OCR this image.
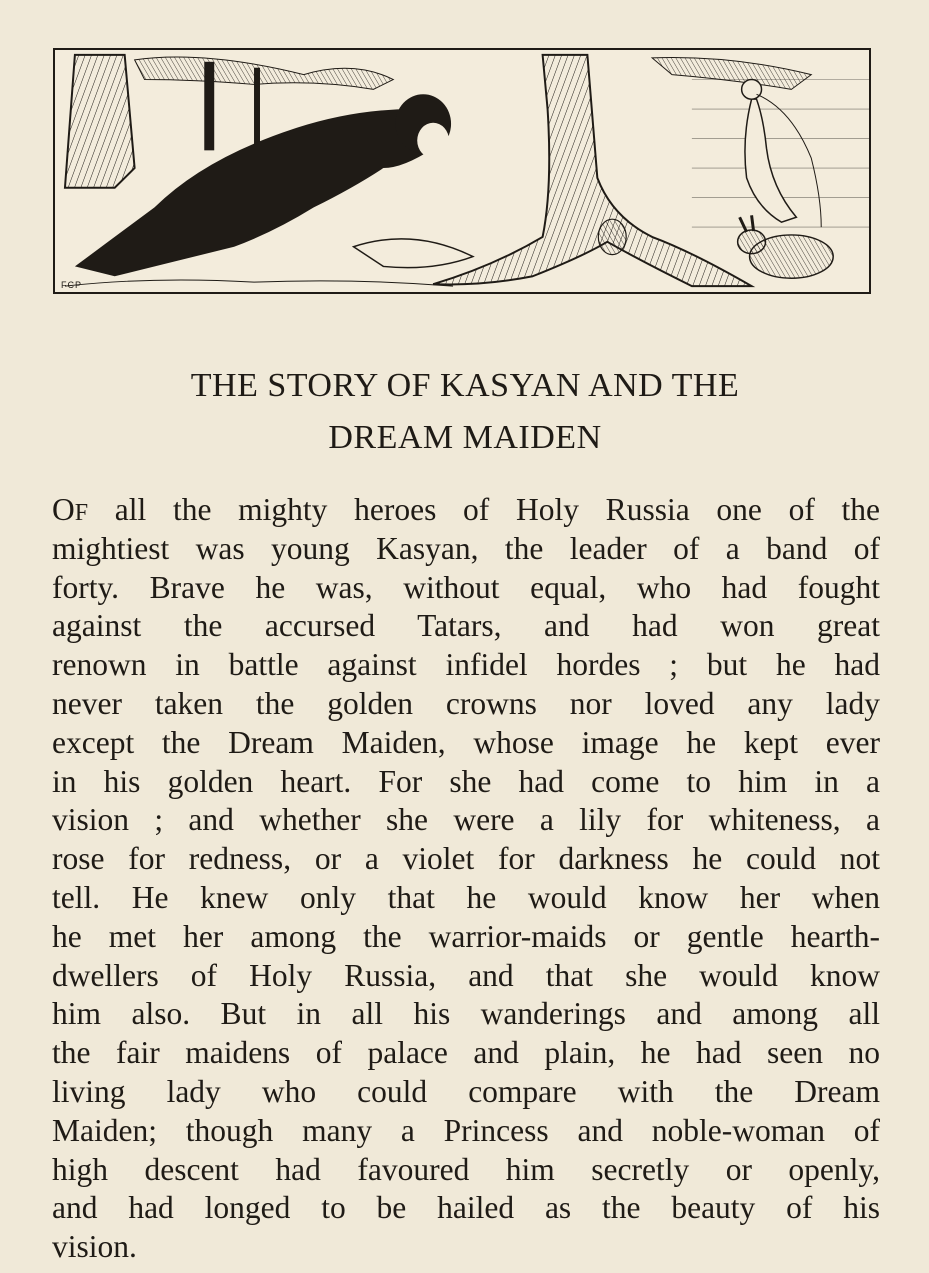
FCP
THE STORY OF KASYAN AND THE
DREAM MAIDEN
OF all the mighty heroes of Holy Russia one of the
mightiest was young Kasyan, the leader of a band of
forty. Brave he was, without equal, who had fought
against the accursed Tatars, and had won great
renown in battle against infidel hordes ; but he had
never taken the golden crowns nor loved any lady
except the Dream Maiden, whose image he kept ever
in his golden heart. For she had come to him in a
vision ; and whether she were a lily for whiteness, a
rose for redness, or a violet for darkness he could not
tell. He knew only that he would know her when
he met her among the warrior-maids or gentle hearth-
dwellers of Holy Russia, and that she would know
him also. But in all his wanderings and among all
the fair maidens of palace and plain, he had seen no
living lady who could compare with the Dream
Maiden; though many a Princess and noble-woman of
high descent had favoured him secretly or openly,
and had longed to be hailed as the beauty of his
vision.
